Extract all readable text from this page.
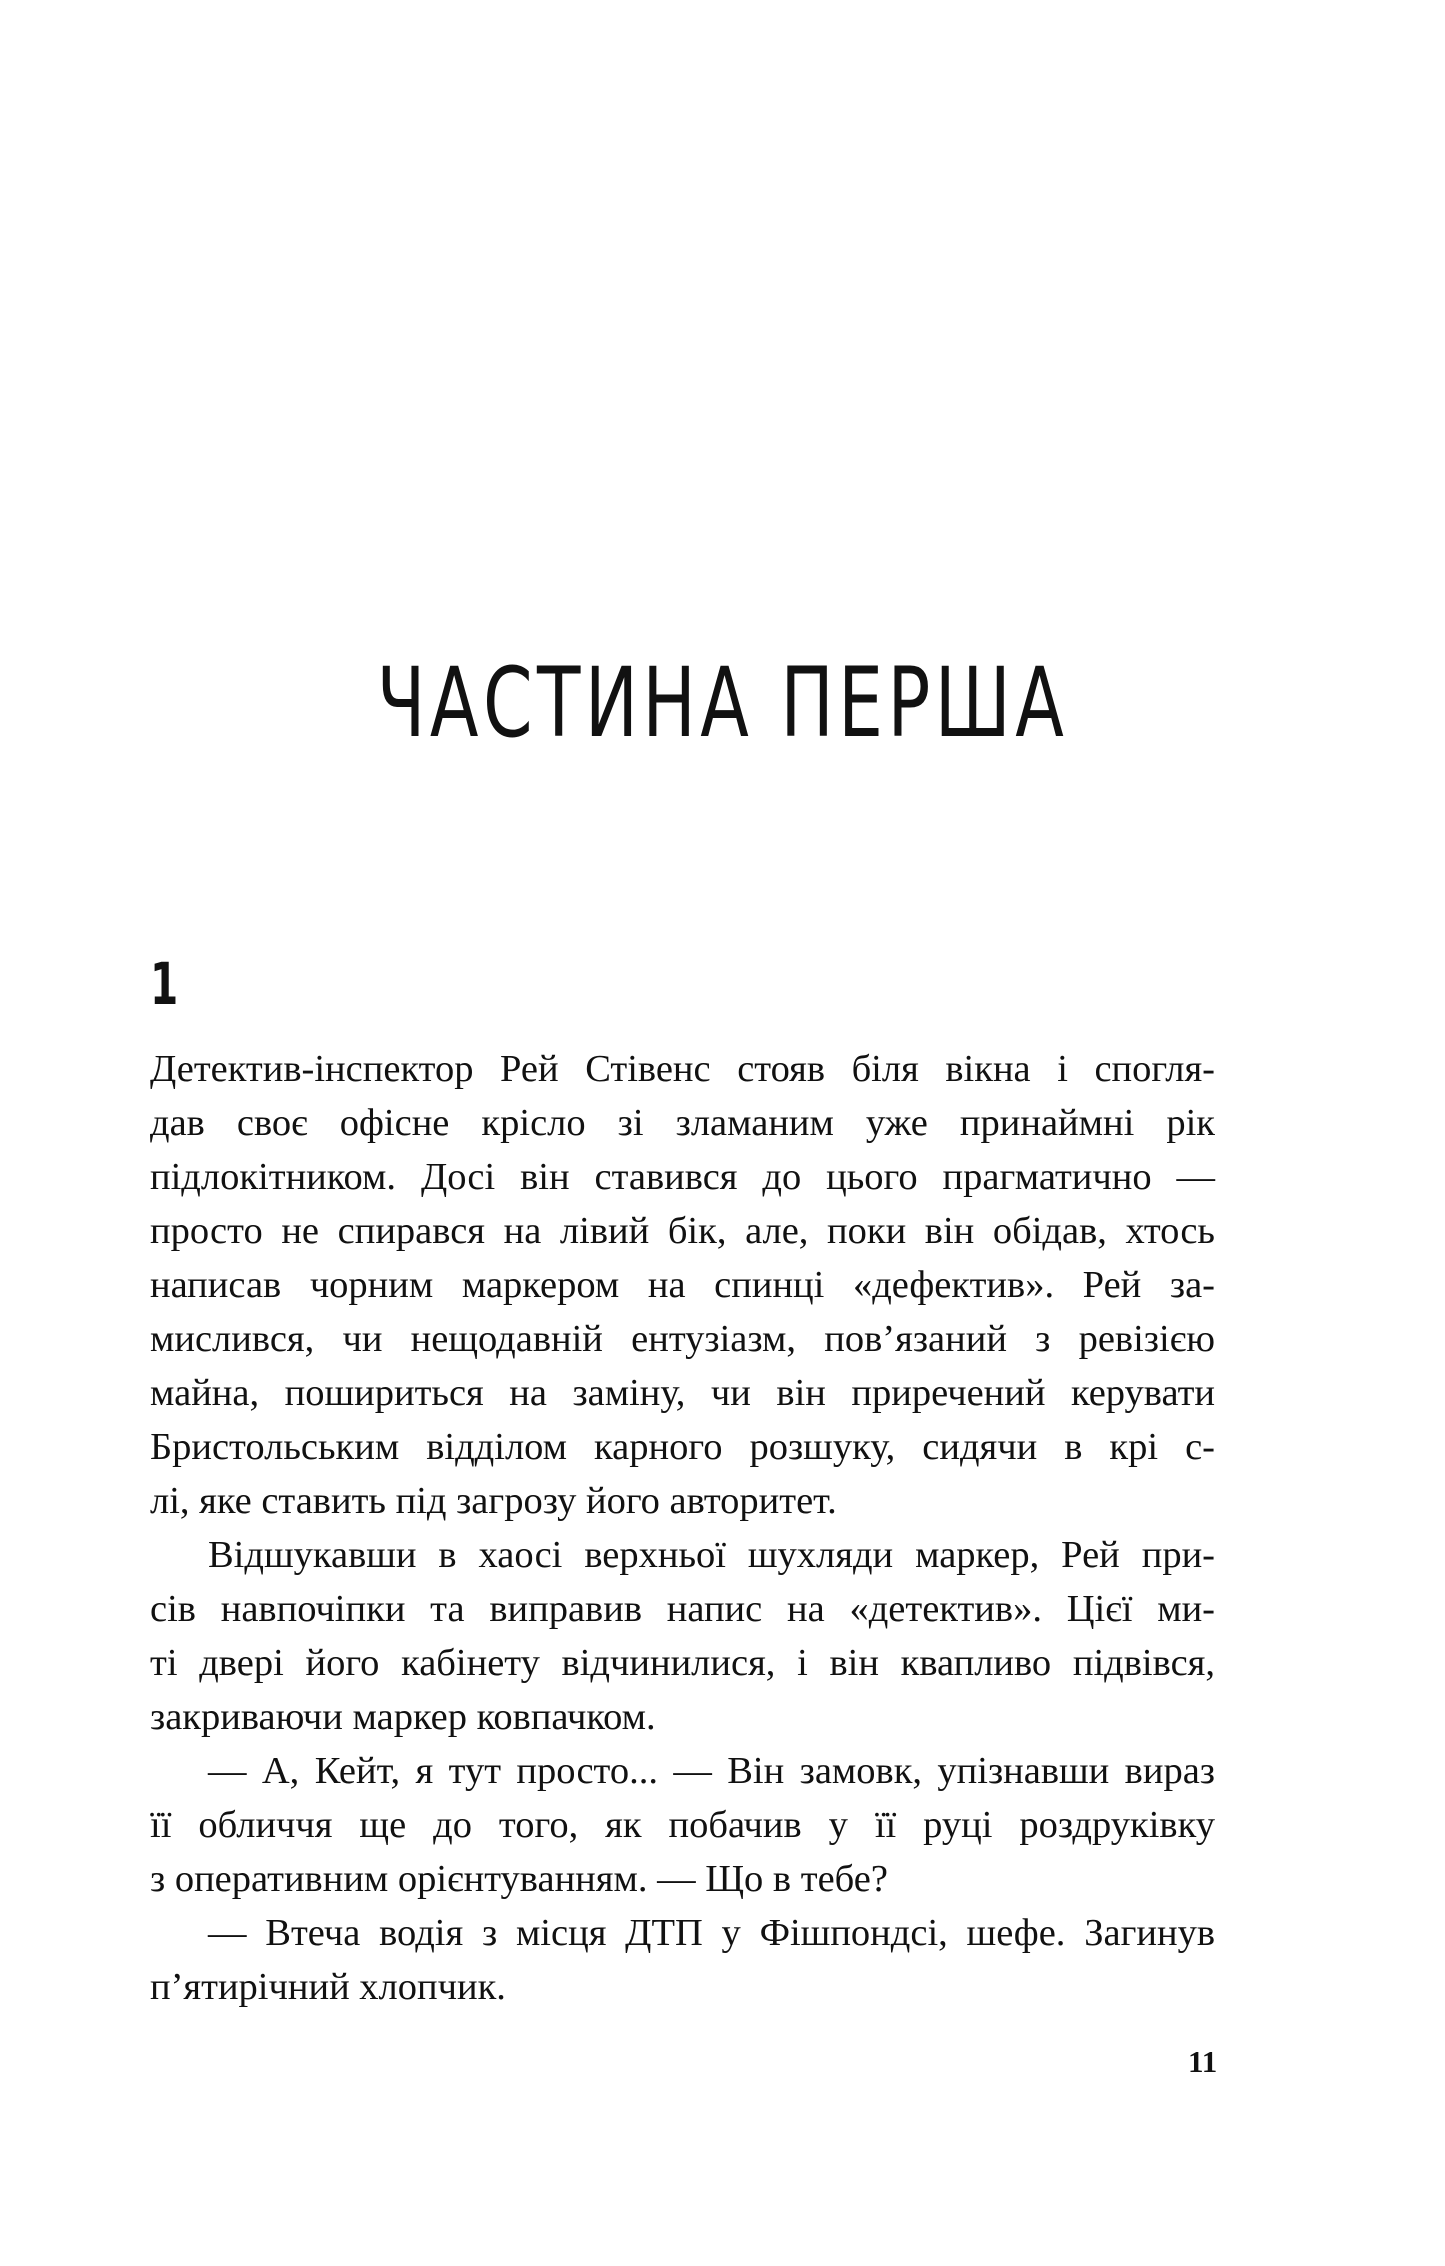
ЧАСТИНА ПЕРША
1

Детектив-інспектор Рей Стівенс стояв біля вікна і спогля-

дав своє офісне крісло зі зламаним уже принаймні рік

підлокітником. Досі він ставився до цього прагматично —

просто не спирався на лівий бік, але, поки він обідав, хтось

написав чорним маркером на спинці «дефектив». Рей за-

мислився, чи нещодавній ентузіазм, пов’язаний з ревізією

майна, пошириться на заміну, чи він приречений керувати

Бристольським відділом карного розшуку, сидячи в крі с-

лі, яке ставить під загрозу його авторитет.

Відшукавши в хаосі верхньої шухляди маркер, Рей при-

сів навпочіпки та виправив напис на «детектив». Цієї ми-

ті двері його кабінету відчинилися, і він квапливо підвівся,

закриваючи маркер ковпачком.

— А, Кейт, я тут просто... — Він замовк, упізнавши вираз

її обличчя ще до того, як побачив у її руці роздруківку

з оперативним орієнтуванням. — Що в тебе?

— Втеча водія з місця ДТП у Фішпондсі, шефе. Загинув

п’ятирічний хлопчик.

11
